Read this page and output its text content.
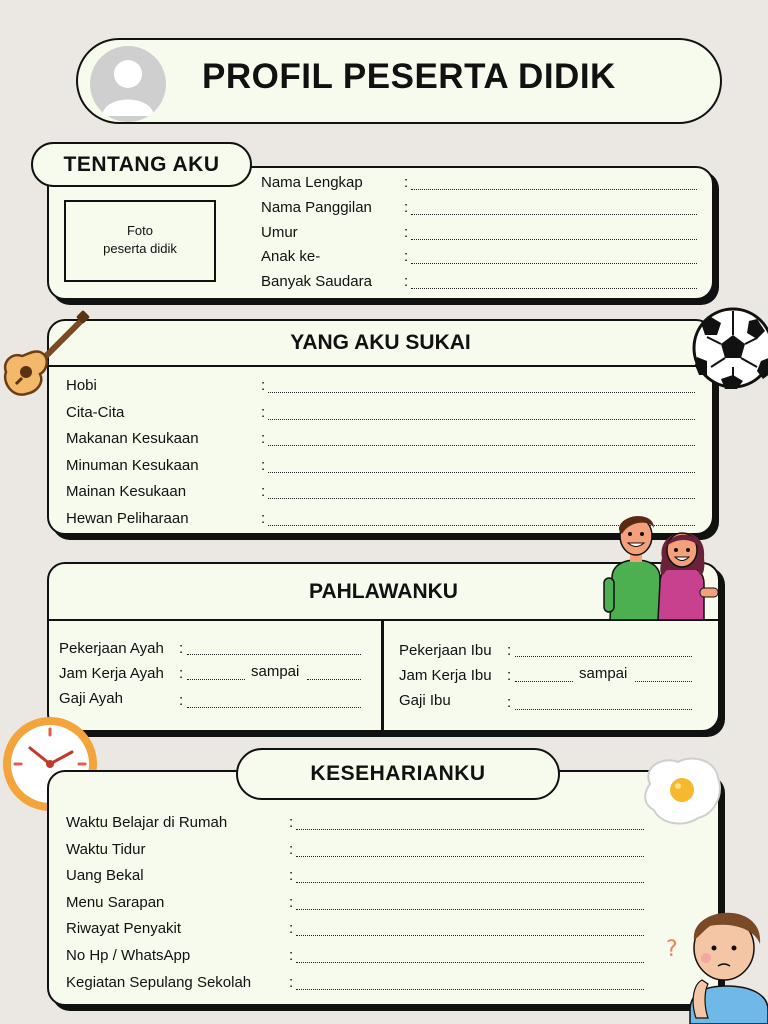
PROFIL PESERTA DIDIK
Foto
peserta didik
Nama Lengkap	:
Nama Panggilan :
Umur	:
Anak ke-	:
Banyak Saudara :
TENTANG AKU
YANG AKU SUKAI
Hobi	:
Cita-Cita	:
Makanan Kesukaan	:
Minuman Kesukaan	:
Mainan Kesukaan	:
Hewan Peliharaan	:
PAHLAWANKU
Pekerjaan Ayah :
Jam Kerja Ayah :	sampai
Gaji Ayah	:
Pekerjaan Ibu :
Jam Kerja Ibu :	sampai
Gaji Ibu	:
Waktu Belajar di Rumah	:
Waktu Tidur	:
Uang Bekal	:
Menu Sarapan	:
Riwayat Penyakit	:
No Hp / WhatsApp	:
Kegiatan Sepulang Sekolah	:
KESEHARIANKU
?
